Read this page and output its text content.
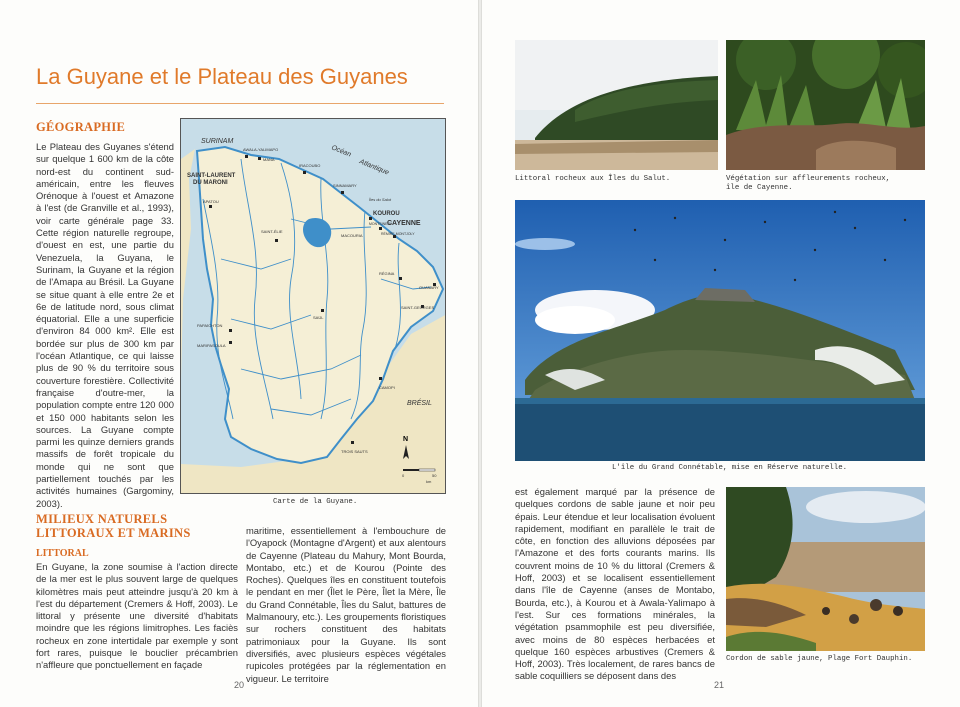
La Guyane et le Plateau des Guyanes
GÉOGRAPHIE

Le Plateau des Guyanes s'étend sur quelque 1 600 km de la côte nord-est du continent sud-américain, entre les fleuves Orénoque à l'ouest et Amazone à l'est (de Granville et al., 1993), voir carte générale page 33. Cette région naturelle regroupe, d'ouest en est, une partie du Venezuela, la Guyana, le Surinam, la Guyane et la région de l'Amapa au Brésil. La Guyane se situe quant à elle entre 2e et 6e de latitude nord, sous climat équatorial. Elle a une superficie d'environ 84 000 km². Elle est bordée sur plus de 300 km par l'océan Atlantique, ce qui laisse plus de 90 % du territoire sous couverture forestière. Collectivité française d'outre-mer, la population compte entre 120 000 et 150 000 habitants selon les sources. La Guyane compte parmi les quinze derniers grands massifs de forêt tropicale du monde qui ne sont que partiellement touchés par les activités humaines (Gargominy, 2003).

Océan
Atlantique
SURINAM
BRÉSIL
AWALA-YALIMAPO
MANA
IRACOUBO
SINNAMARY
SAINT-LAURENT
DU MARONI
Îles du Salut
KOUROU
MONTSINERY
CAYENNE
RÉMIRE-MONTJOLY
APATOU
SAINT-ÉLIE
MACOURIA
RÉGINA
OUANARY
SAINT-GEORGES
PAPAÏCHTON
MARIPASOULA
SAÜL
CAMOPI
TROIS SAUTS
N
0	50
km
Carte de la Guyane.
MILIEUX NATURELS
LITTORAUX ET MARINS
LITTORAL

En Guyane, la zone soumise à l'action directe de la mer est le plus souvent large de quelques kilomètres mais peut atteindre jusqu'à 20 km à l'est du département (Cremers & Hoff, 2003). Le littoral y présente une diversité d'habitats moindre que les régions limitrophes. Les faciès rocheux en zone intertidale par exemple y sont fort rares, puisque le bouclier précambrien n'affleure que ponctuellement en façade

maritime, essentiellement à l'embouchure de l'Oyapock (Montagne d'Argent) et aux alentours de Cayenne (Plateau du Mahury, Mont Bourda, Montabo, etc.) et de Kourou (Pointe des Roches). Quelques îles en constituent toutefois le pendant en mer (Îlet le Père, Îlet la Mère, Île du Grand Connétable, Îles du Salut, battures de Malmanoury, etc.). Les groupements floristiques sur rochers constituent des habitats patrimoniaux pour la Guyane. Ils sont diversifiés, avec plusieurs espèces végétales rupicoles protégées par la réglementation en vigueur. Le territoire

20
Littoral rocheux aux Îles du Salut.	Végétation sur affleurements rocheux,
île de Cayenne.
L'île du Grand Connétable, mise en Réserve naturelle.

est également marqué par la présence de quelques cordons de sable jaune et noir peu épais. Leur étendue et leur localisation évoluent rapidement, modifiant en parallèle le trait de côte, en fonction des alluvions déposées par l'Amazone et des forts courants marins. Ils couvrent moins de 10 % du littoral (Cremers & Hoff, 2003) et se localisent essentiellement dans l'île de Cayenne (anses de Montabo, Bourda, etc.), à Kourou et à Awala-Yalimapo à l'est. Sur ces formations minérales, la végétation psammophile est peu diversifiée, avec moins de 80 espèces herbacées et quelque 160 espèces arbustives (Cremers & Hoff, 2003). Très localement, de rares bancs de sable coquilliers se déposent dans des

Cordon de sable jaune, Plage Fort Dauphin.
21
